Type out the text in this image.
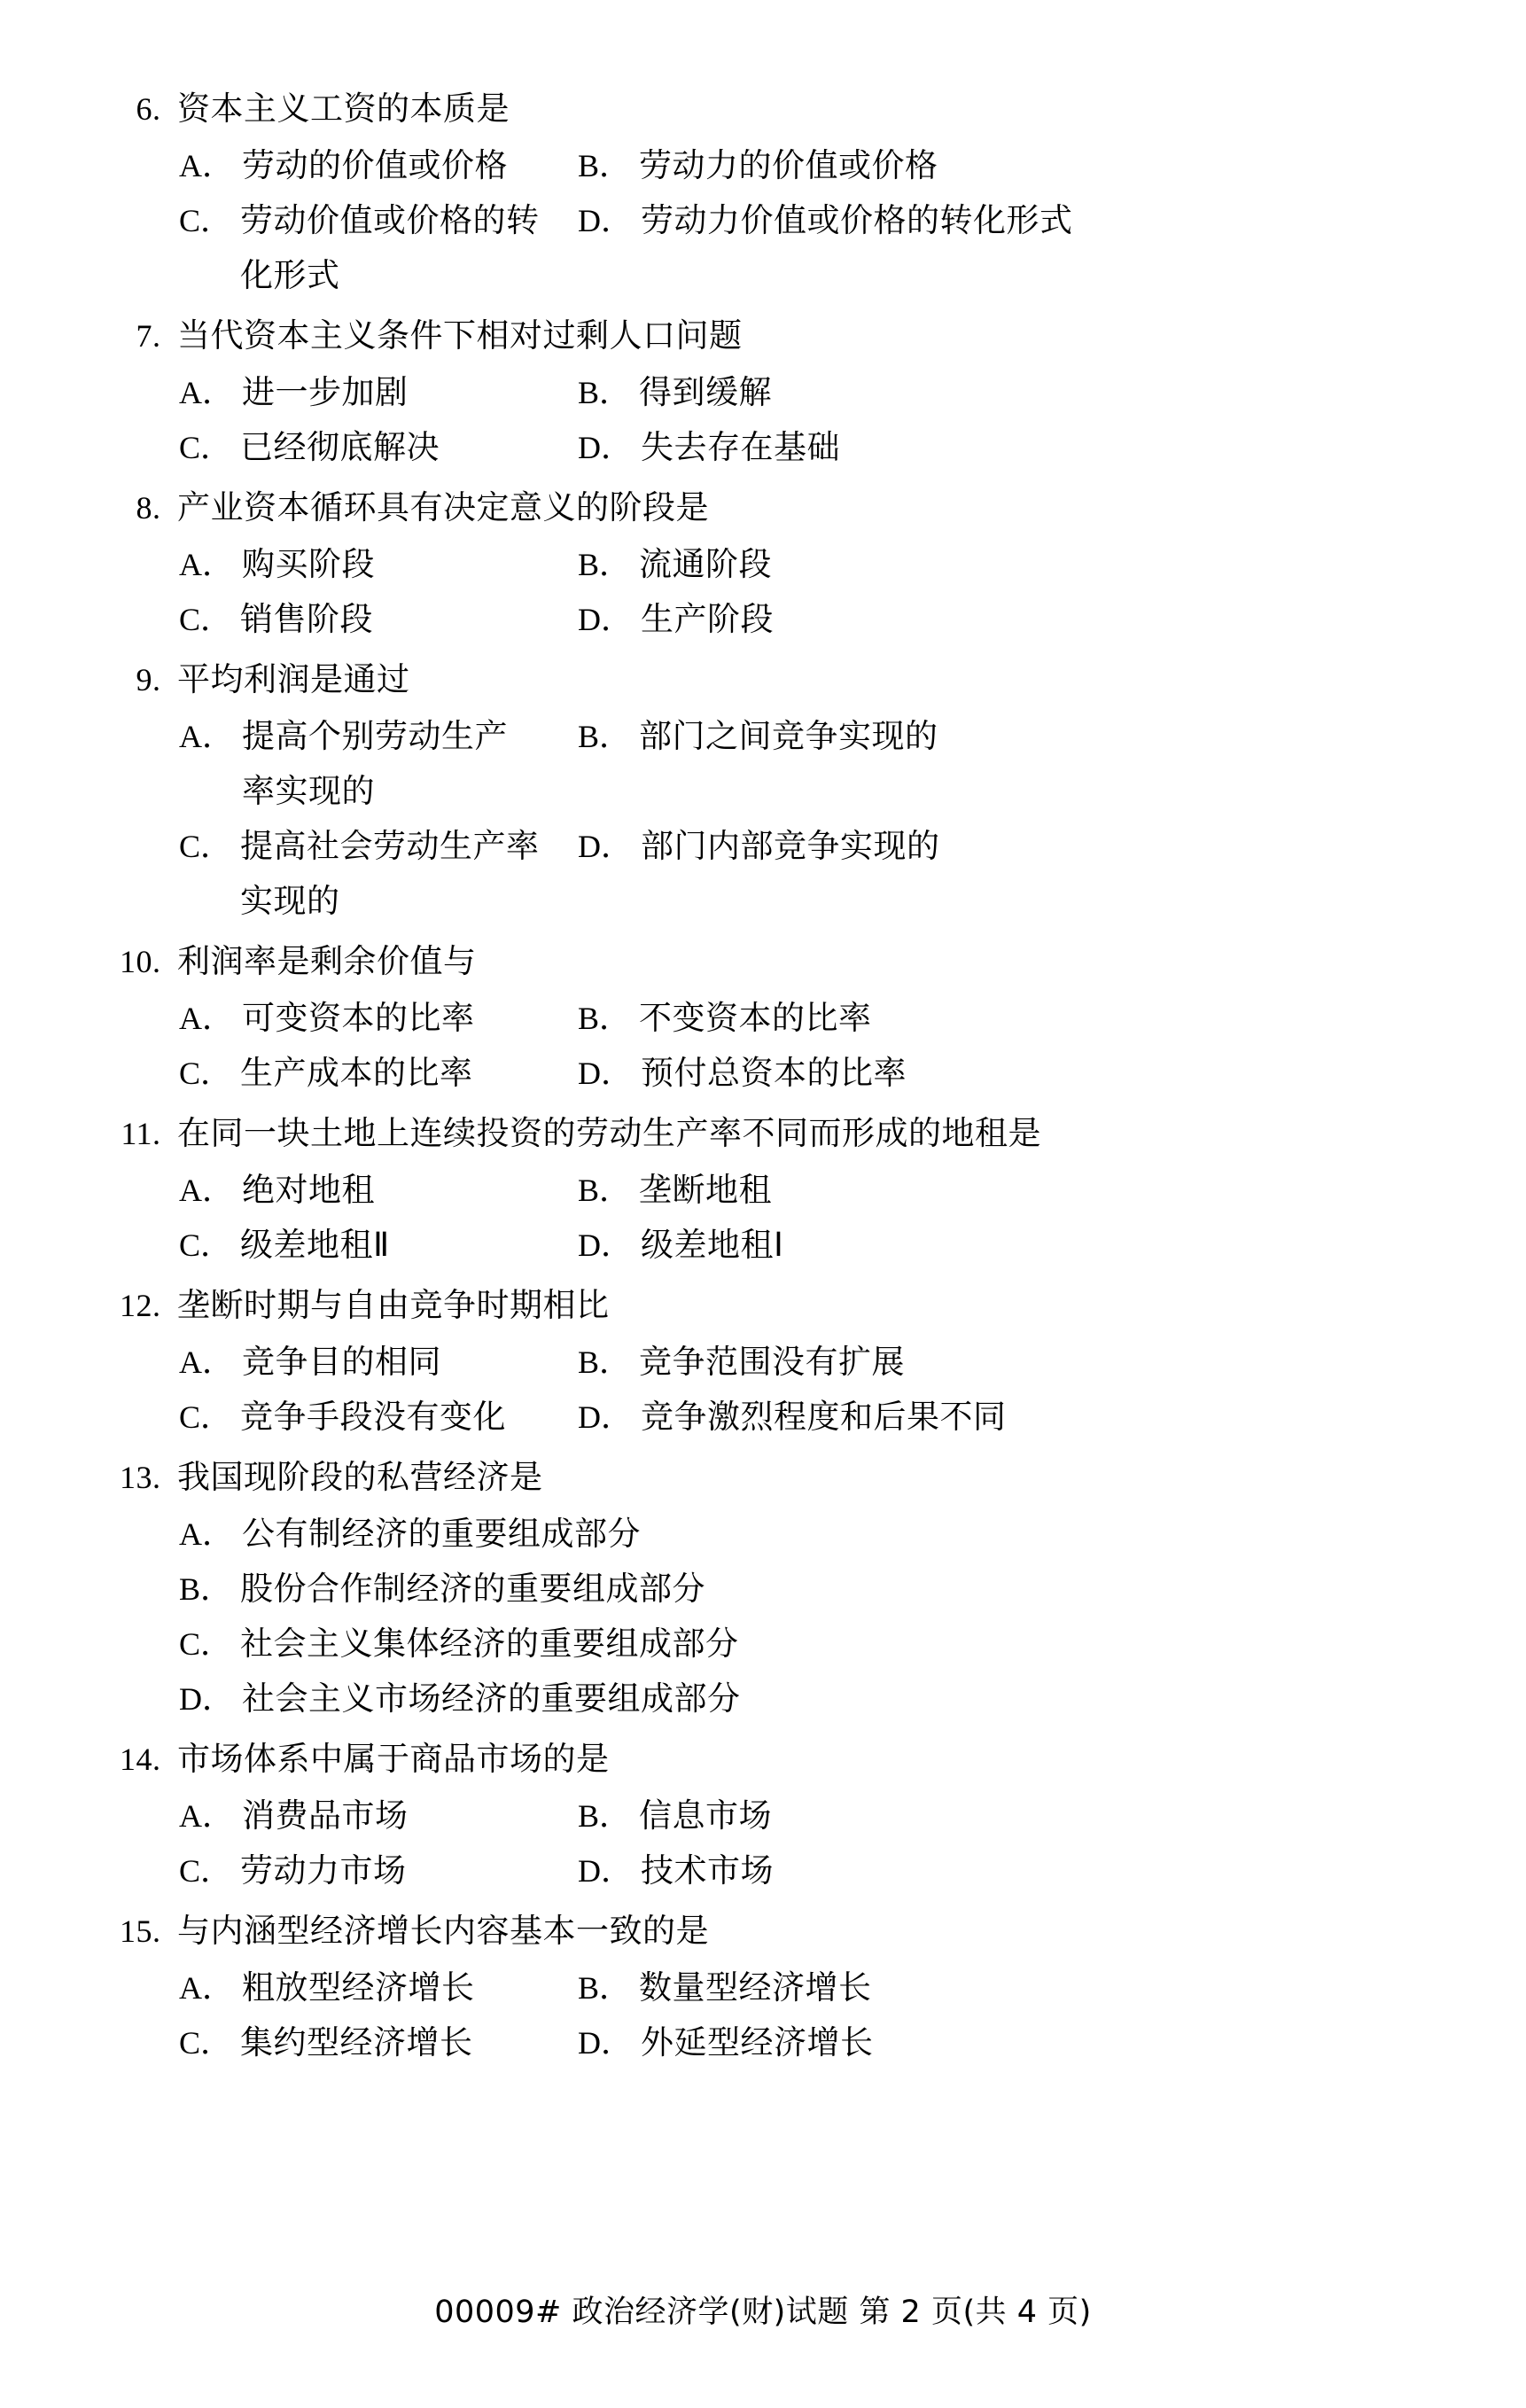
6 . 资本主义工资的本质是
A． 劳动的价值或价格	B． 劳动力的价值或价格
C． 劳动价值或价格的转化形式
D． 劳动力价值或价格的转化形式
7 . 当代资本主义条件下相对过剩人口问题
A． 进一步加剧	B． 得到缓解
C． 已经彻底解决	D． 失去存在基础
8 . 产业资本循环具有决定意义的阶段是
A． 购买阶段	B． 流通阶段
C． 销售阶段	D． 生产阶段
9 . 平均利润是通过
A． 提高个别劳动生产率实现的
B． 部门之间竞争实现的
C． 提高社会劳动生产率实现的
D． 部门内部竞争实现的
10 . 利润率是剩余价值与
A． 可变资本的比率	B． 不变资本的比率
C． 生产成本的比率	D． 预付总资本的比率
11 . 在同一块土地上连续投资的劳动生产率不同而形成的地租是
A． 绝对地租	B． 垄断地租
C． 级差地租Ⅱ	D． 级差地租Ⅰ
12 . 垄断时期与自由竞争时期相比
A． 竞争目的相同	B． 竞争范围没有扩展
C． 竞争手段没有变化	D． 竞争激烈程度和后果不同
13 . 我国现阶段的私营经济是
A． 公有制经济的重要组成部分
B． 股份合作制经济的重要组成部分
C． 社会主义集体经济的重要组成部分
D． 社会主义市场经济的重要组成部分
14 . 市场体系中属于商品市场的是
A． 消费品市场	B． 信息市场
C． 劳动力市场	D． 技术市场
15 . 与内涵型经济增长内容基本一致的是
A． 粗放型经济增长	B． 数量型经济增长
C． 集约型经济增长	D． 外延型经济增长
00009# 政治经济学(财)试题 第 2 页(共 4 页)
